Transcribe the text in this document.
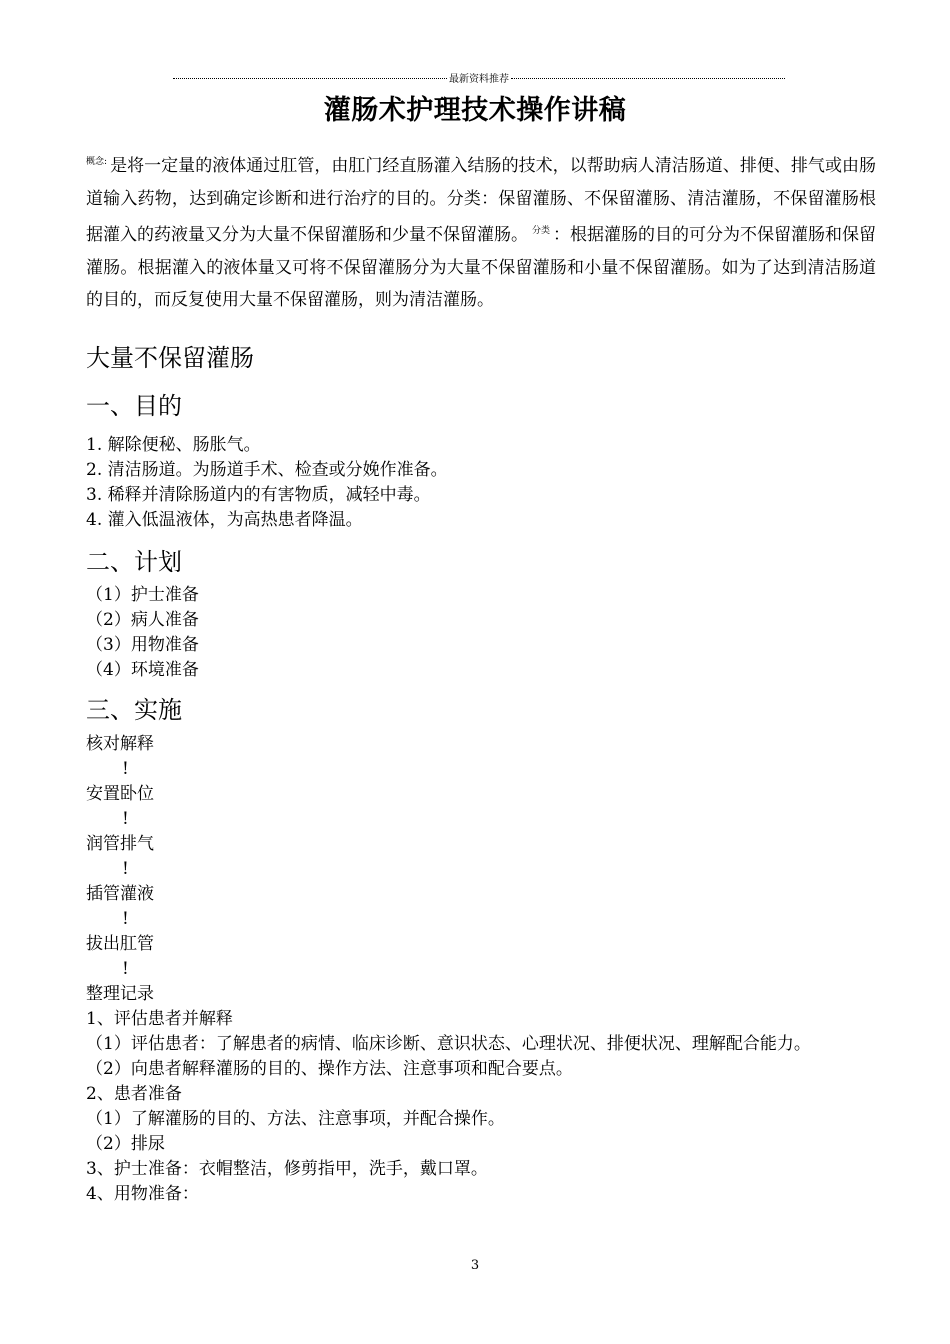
最新资料推荐
灌肠术护理技术操作讲稿
$^{概念:}$ 是将一定量的液体通过肛管，由肛门经直肠灌入结肠的技术，以帮助病人清洁肠道、排便、排气或由肠道输入药物，达到确定诊断和进行治疗的目的。分类：保留灌肠、不保留灌肠、清洁灌肠，不保留灌肠根据灌入的药液量又分为大量不保留灌肠和少量不保留灌肠。 $^{分类}$ ：根据灌肠的目的可分为不保留灌肠和保留灌肠。根据灌入的液体量又可将不保留灌肠分为大量不保留灌肠和小量不保留灌肠。如为了达到清洁肠道的目的，而反复使用大量不保留灌肠，则为清洁灌肠。
大量不保留灌肠
一、目的
1. 解除便秘、肠胀气。
2. 清洁肠道。为肠道手术、检查或分娩作准备。
3. 稀释并清除肠道内的有害物质，减轻中毒。
4. 灌入低温液体，为高热患者降温。
二、计划
（1）护士准备
（2）病人准备
（3）用物准备
（4）环境准备
三、实施
核对解释
!
安置卧位
!
润管排气
!
插管灌液
!
拔出肛管
!
整理记录
1、评估患者并解释
（1）评估患者：了解患者的病情、临床诊断、意识状态、心理状况、排便状况、理解配合能力。
（2）向患者解释灌肠的目的、操作方法、注意事项和配合要点。
2、患者准备
（1）了解灌肠的目的、方法、注意事项，并配合操作。
（2）排尿
3、护士准备：衣帽整洁，修剪指甲，洗手，戴口罩。
4、用物准备：
3
